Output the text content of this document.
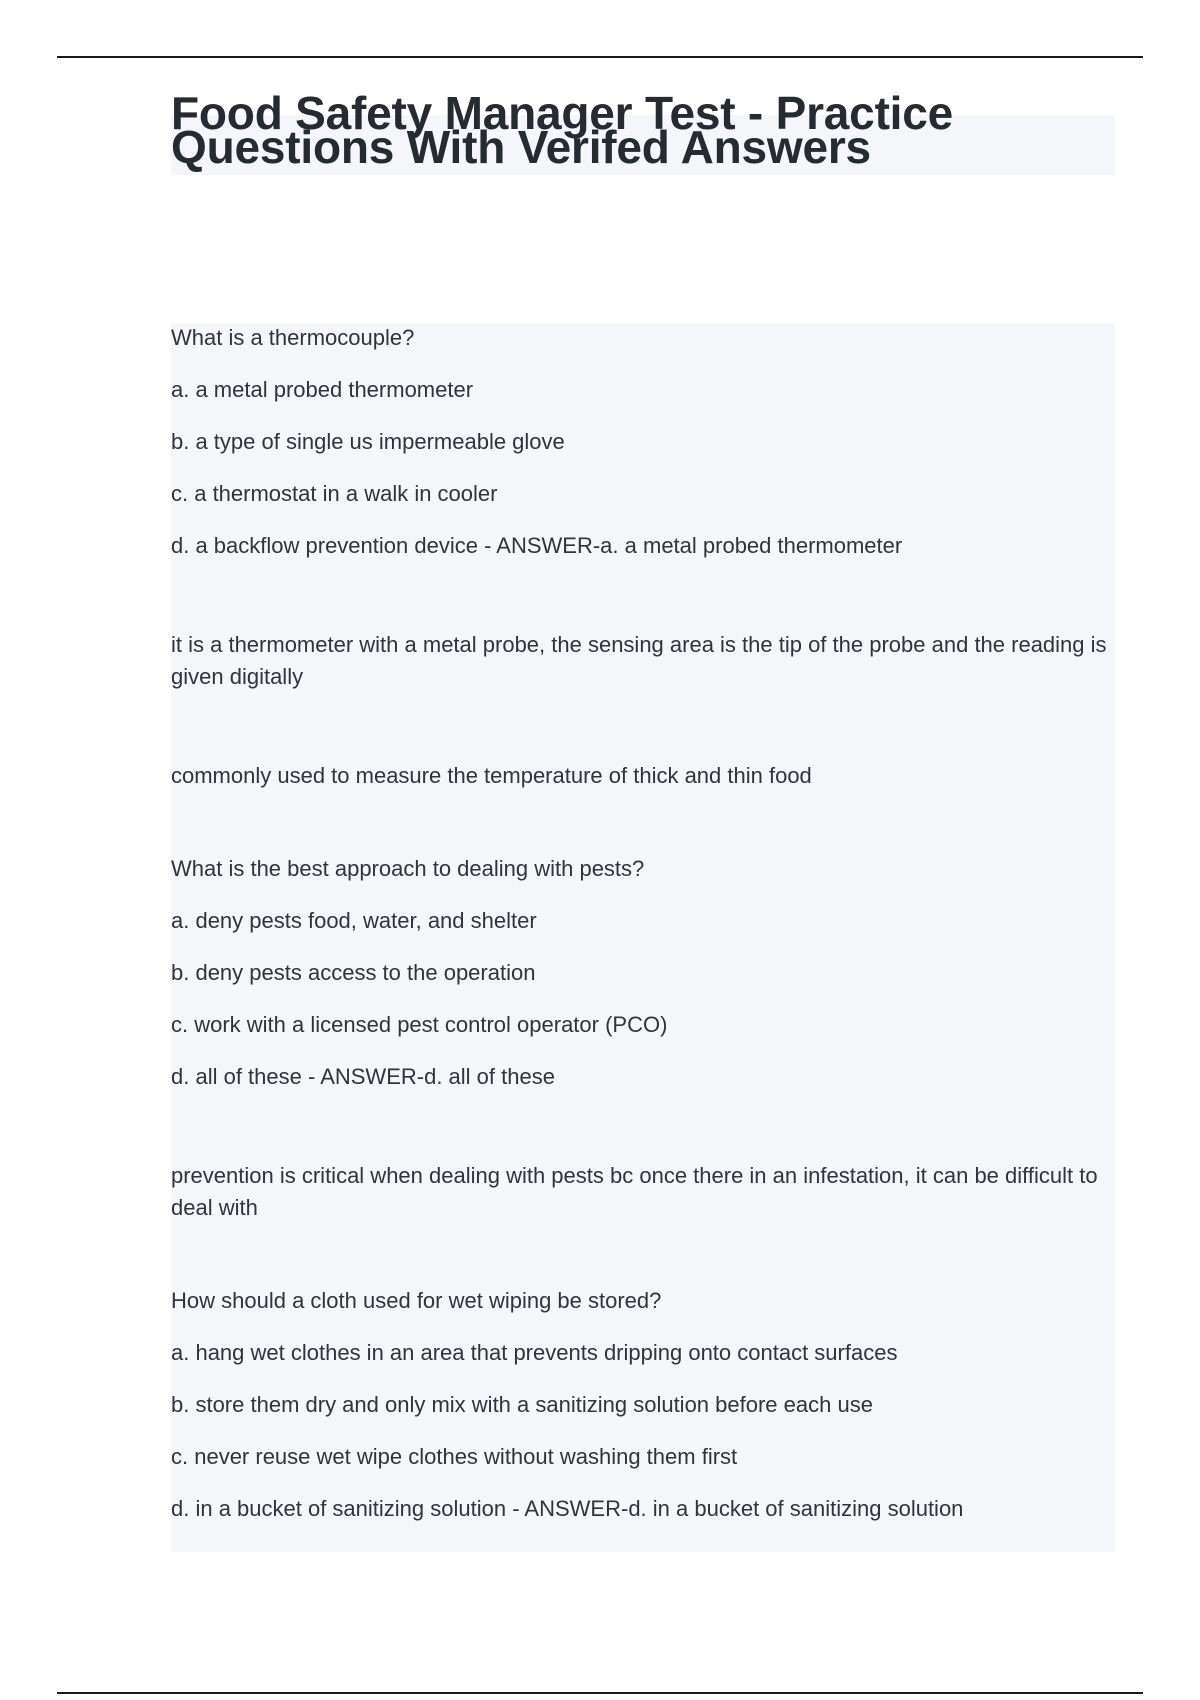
Food Safety Manager Test - Practice Questions With Verifed Answers

What is a thermocouple?

a. a metal probed thermometer

b. a type of single us impermeable glove

c. a thermostat in a walk in cooler

d. a backflow prevention device - ANSWER-a. a metal probed thermometer

it is a thermometer with a metal probe, the sensing area is the tip of the probe and the reading is given digitally

commonly used to measure the temperature of thick and thin food

What is the best approach to dealing with pests?

a. deny pests food, water, and shelter

b. deny pests access to the operation

c. work with a licensed pest control operator (PCO)

d. all of these - ANSWER-d. all of these

prevention is critical when dealing with pests bc once there in an infestation, it can be difficult to deal with

How should a cloth used for wet wiping be stored?

a. hang wet clothes in an area that prevents dripping onto contact surfaces

b. store them dry and only mix with a sanitizing solution before each use

c. never reuse wet wipe clothes without washing them first

d. in a bucket of sanitizing solution - ANSWER-d. in a bucket of sanitizing solution
